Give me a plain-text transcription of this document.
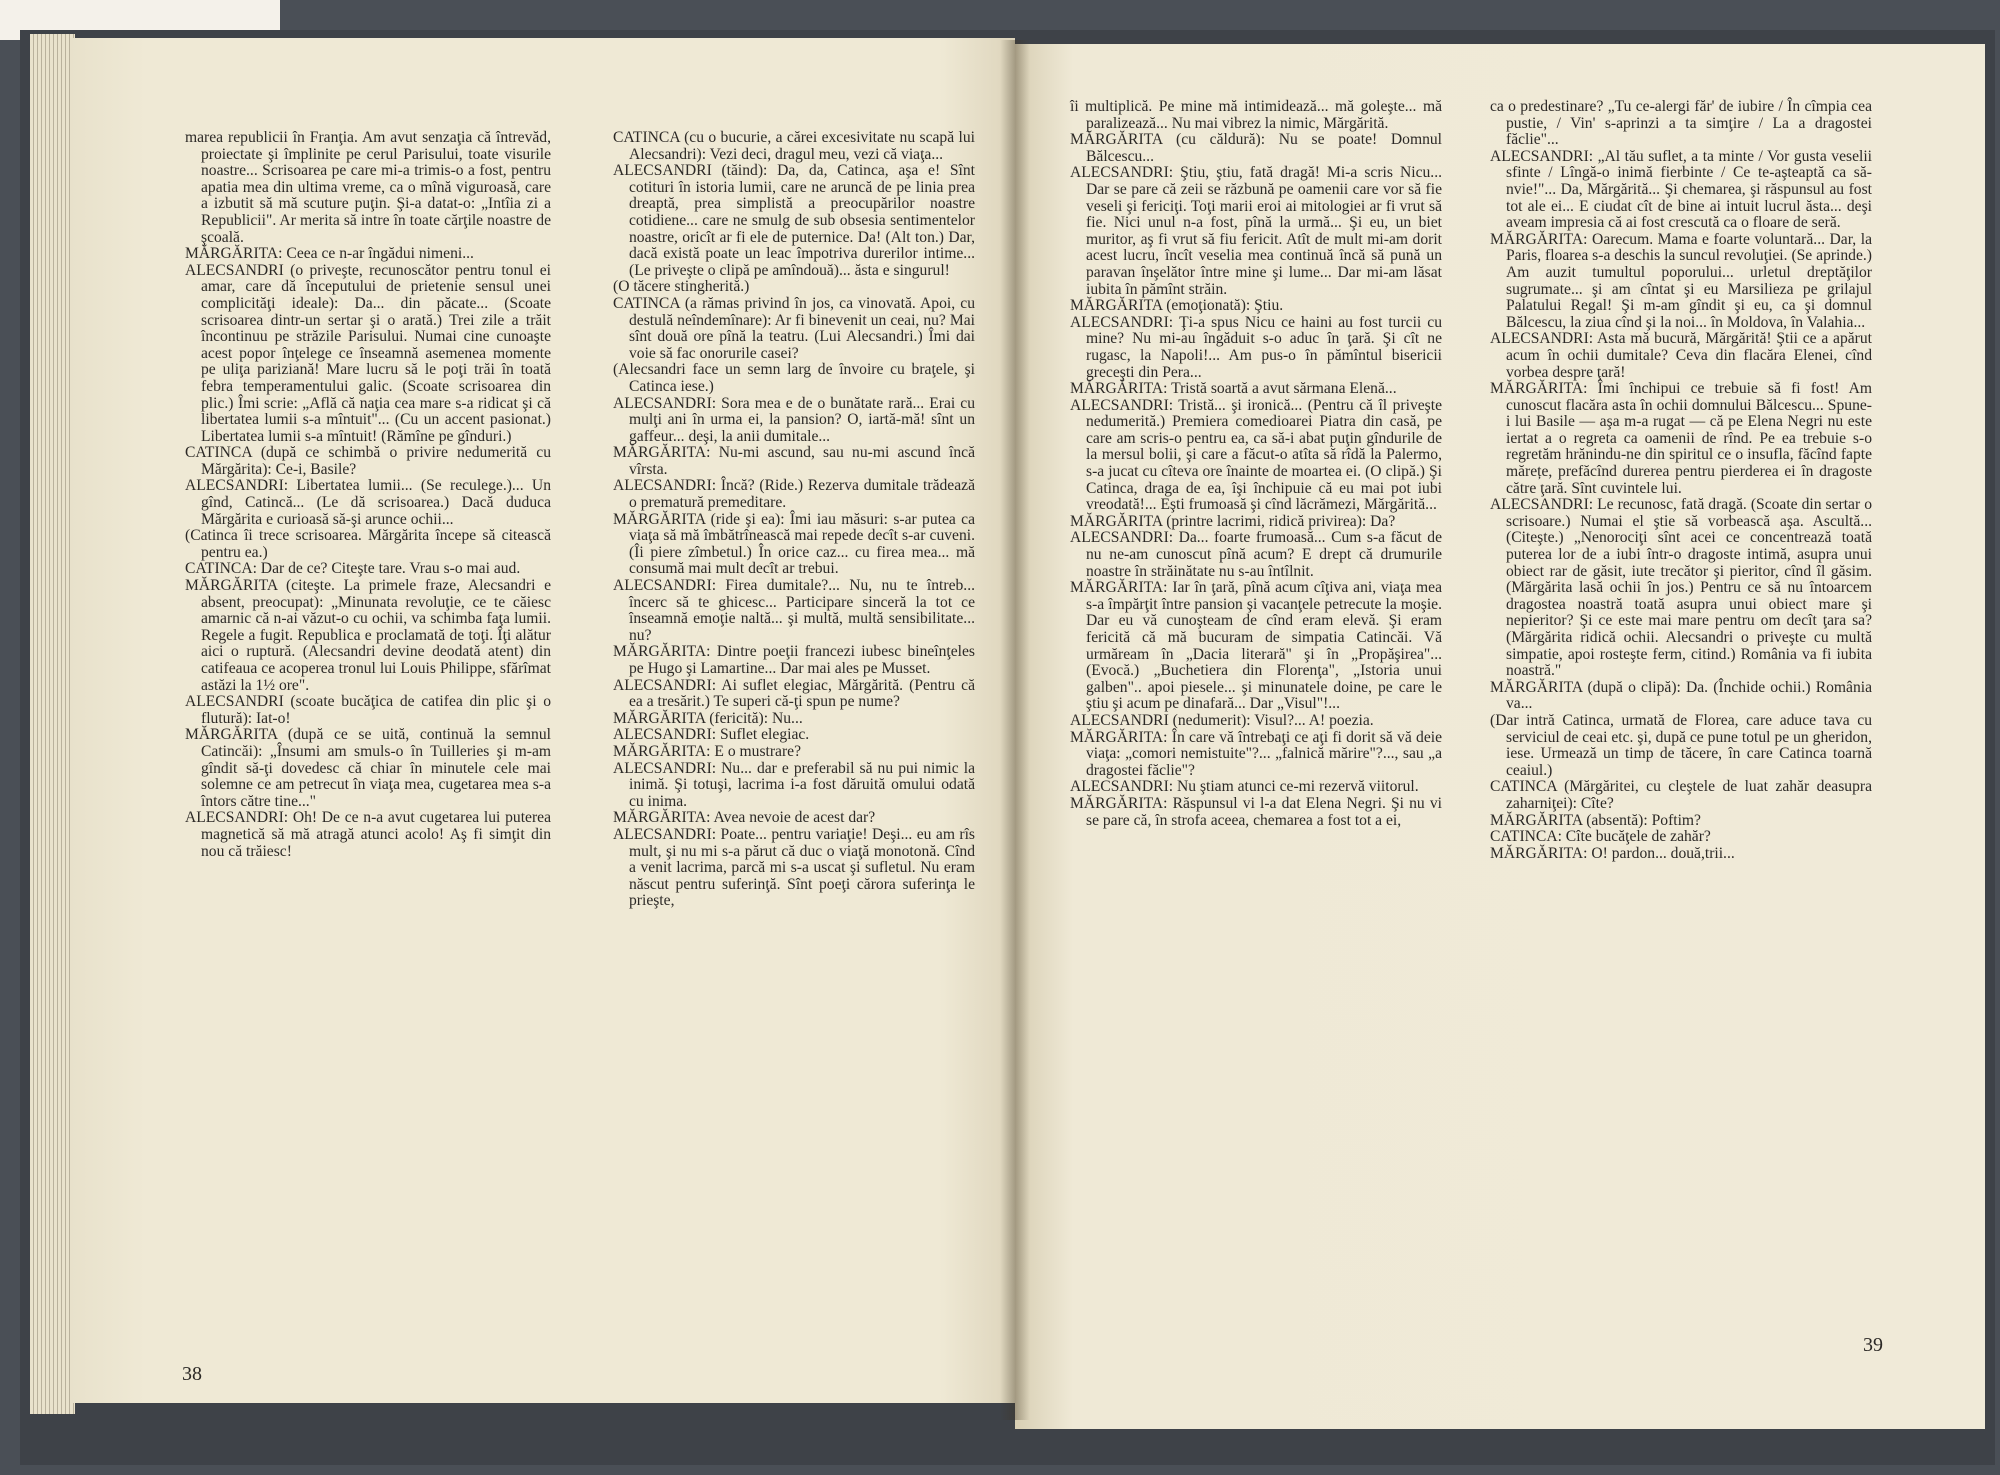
marea republicii în Franţia. Am avut senzaţia că întrevăd, proiectate şi împlinite pe cerul Parisului, toate visurile noastre... Scrisoarea pe care mi-a trimis-o a fost, pentru apatia mea din ultima vreme, ca o mînă viguroasă, care a izbutit să mă scuture puţin. Şi-a datat-o: „Intîia zi a Republicii". Ar merita să intre în toate cărţile noastre de şcoală.

MĂRGĂRITA: Ceea ce n-ar îngădui nimeni...

ALECSANDRI (o priveşte, recunoscător pentru tonul ei amar, care dă începutului de prietenie sensul unei complicităţi ideale): Da... din păcate... (Scoate scrisoarea dintr-un sertar şi o arată.) Trei zile a trăit încontinuu pe străzile Parisului. Numai cine cunoaşte acest popor înţelege ce înseamnă asemenea momente pe uliţa pariziană! Mare lucru să le poţi trăi în toată febra temperamentului galic. (Scoate scrisoarea din plic.) Îmi scrie: „Află că naţia cea mare s-a ridicat şi că libertatea lumii s-a mîntuit"... (Cu un accent pasionat.) Libertatea lumii s-a mîntuit! (Rămîne pe gînduri.)

CATINCA (după ce schimbă o privire nedumerită cu Mărgărita): Ce-i, Basile?

ALECSANDRI: Libertatea lumii... (Se reculege.)... Un gînd, Catincă... (Le dă scrisoarea.) Dacă duduca Mărgărita e curioasă să-şi arunce ochii...

(Catinca îi trece scrisoarea. Mărgărita începe să citească pentru ea.)

CATINCA: Dar de ce? Citeşte tare. Vrau s-o mai aud.

MĂRGĂRITA (citeşte. La primele fraze, Alecsandri e absent, preocupat): „Minunata revoluţie, ce te căiesc amarnic că n-ai văzut-o cu ochii, va schimba faţa lumii. Regele a fugit. Republica e proclamată de toţi. Îţi alătur aici o ruptură. (Alecsandri devine deodată atent) din catifeaua ce acoperea tronul lui Louis Philippe, sfărîmat astăzi la 1½ ore".

ALECSANDRI (scoate bucăţica de catifea din plic şi o flutură): Iat-o!

MĂRGĂRITA (după ce se uită, continuă la semnul Catincăi): „Însumi am smuls-o în Tuilleries şi m-am gîndit să-ţi dovedesc că chiar în minutele cele mai solemne ce am petrecut în viaţa mea, cugetarea mea s-a întors către tine..."

ALECSANDRI: Oh! De ce n-a avut cugetarea lui puterea magnetică să mă atragă atunci acolo! Aş fi simţit din nou că trăiesc!

CATINCA (cu o bucurie, a cărei excesivitate nu scapă lui Alecsandri): Vezi deci, dragul meu, vezi că viaţa...

ALECSANDRI (tăind): Da, da, Catinca, aşa e! Sînt cotituri în istoria lumii, care ne aruncă de pe linia prea dreaptă, prea simplistă a preocupărilor noastre cotidiene... care ne smulg de sub obsesia sentimentelor noastre, oricît ar fi ele de puternice. Da! (Alt ton.) Dar, dacă există poate un leac împotriva durerilor intime... (Le priveşte o clipă pe amîndouă)... ăsta e singurul!

(O tăcere stingherită.)

CATINCA (a rămas privind în jos, ca vinovată. Apoi, cu destulă neîndemînare): Ar fi binevenit un ceai, nu? Mai sînt două ore pînă la teatru. (Lui Alecsandri.) Îmi dai voie să fac onorurile casei?

(Alecsandri face un semn larg de învoire cu braţele, şi Catinca iese.)

ALECSANDRI: Sora mea e de o bunătate rară... Erai cu mulţi ani în urma ei, la pansion? O, iartă-mă! sînt un gaffeur... deşi, la anii dumitale...

MĂRGĂRITA: Nu-mi ascund, sau nu-mi ascund încă vîrsta.

ALECSANDRI: Încă? (Ride.) Rezerva dumitale trădează o prematură premeditare.

MĂRGĂRITA (ride şi ea): Îmi iau măsuri: s-ar putea ca viaţa să mă îmbătrînească mai repede decît s-ar cuveni. (Îi piere zîmbetul.) În orice caz... cu firea mea... mă consumă mai mult decît ar trebui.

ALECSANDRI: Firea dumitale?... Nu, nu te întreb... încerc să te ghicesc... Participare sinceră la tot ce înseamnă emoţie naltă... şi multă, multă sensibilitate... nu?

MĂRGĂRITA: Dintre poeţii francezi iubesc bineînţeles pe Hugo şi Lamartine... Dar mai ales pe Musset.

ALECSANDRI: Ai suflet elegiac, Mărgărită. (Pentru că ea a tresărit.) Te superi că-ţi spun pe nume?

MĂRGĂRITA (fericită): Nu...

ALECSANDRI: Suflet elegiac.

MĂRGĂRITA: E o mustrare?

ALECSANDRI: Nu... dar e preferabil să nu pui nimic la inimă. Şi totuşi, lacrima i-a fost dăruită omului odată cu inima.

MĂRGĂRITA: Avea nevoie de acest dar?

ALECSANDRI: Poate... pentru variaţie! Deşi... eu am rîs mult, şi nu mi s-a părut că duc o viaţă monotonă. Cînd a venit lacrima, parcă mi s-a uscat şi sufletul. Nu eram născut pentru suferinţă. Sînt poeţi cărora suferinţa le prieşte,

38

îi multiplică. Pe mine mă intimidează... mă goleşte... mă paralizează... Nu mai vibrez la nimic, Mărgărită.

MĂRGĂRITA (cu căldură): Nu se poate! Domnul Bălcescu...

ALECSANDRI: Ştiu, ştiu, fată dragă! Mi-a scris Nicu... Dar se pare că zeii se răzbună pe oamenii care vor să fie veseli şi fericiţi. Toţi marii eroi ai mitologiei ar fi vrut să fie. Nici unul n-a fost, pînă la urmă... Şi eu, un biet muritor, aş fi vrut să fiu fericit. Atît de mult mi-am dorit acest lucru, încît veselia mea continuă încă să pună un paravan înşelător între mine şi lume... Dar mi-am lăsat iubita în pămînt străin.

MĂRGĂRITA (emoţionată): Ştiu.

ALECSANDRI: Ţi-a spus Nicu ce haini au fost turcii cu mine? Nu mi-au îngăduit s-o aduc în ţară. Şi cît ne rugasc, la Napoli!... Am pus-o în pămîntul bisericii greceşti din Pera...

MĂRGĂRITA: Tristă soartă a avut sărmana Elenă...

ALECSANDRI: Tristă... şi ironică... (Pentru că îl priveşte nedumerită.) Premiera comedioarei Piatra din casă, pe care am scris-o pentru ea, ca să-i abat puţin gîndurile de la mersul bolii, şi care a făcut-o atîta să rîdă la Palermo, s-a jucat cu cîteva ore înainte de moartea ei. (O clipă.) Şi Catinca, draga de ea, îşi închipuie că eu mai pot iubi vreodată!... Eşti frumoasă şi cînd lăcrămezi, Mărgărită...

MĂRGĂRITA (printre lacrimi, ridică privirea): Da?

ALECSANDRI: Da... foarte frumoasă... Cum s-a făcut de nu ne-am cunoscut pînă acum? E drept că drumurile noastre în străinătate nu s-au întîlnit.

MĂRGĂRITA: Iar în ţară, pînă acum cîţiva ani, viaţa mea s-a împărţit între pansion şi vacanţele petrecute la moşie. Dar eu vă cunoşteam de cînd eram elevă. Şi eram fericită că mă bucuram de simpatia Catincăi. Vă urmăream în „Dacia literară" şi în „Propăşirea"... (Evocă.) „Buchetiera din Florenţa", „Istoria unui galben".. apoi piesele... şi minunatele doine, pe care le ştiu şi acum pe dinafară... Dar „Visul"!...

ALECSANDRI (nedumerit): Visul?... A! poezia.

MĂRGĂRITA: În care vă întrebaţi ce aţi fi dorit să vă deie viaţa: „comori nemistuite"?... „falnică mărire"?..., sau „a dragostei făclie"?

ALECSANDRI: Nu ştiam atunci ce-mi rezervă viitorul.

MĂRGĂRITA: Răspunsul vi l-a dat Elena Negri. Şi nu vi se pare că, în strofa aceea, chemarea a fost tot a ei,

ca o predestinare? „Tu ce-alergi făr' de iubire / În cîmpia cea pustie, / Vin' s-aprinzi a ta simţire / La a dragostei făclie"...

ALECSANDRI: „Al tău suflet, a ta minte / Vor gusta veselii sfinte / Lîngă-o inimă fierbinte / Ce te-aşteaptă ca să-nvie!"... Da, Mărgărită... Şi chemarea, şi răspunsul au fost tot ale ei... E ciudat cît de bine ai intuit lucrul ăsta... deşi aveam impresia că ai fost crescută ca o floare de seră.

MĂRGĂRITA: Oarecum. Mama e foarte voluntară... Dar, la Paris, floarea s-a deschis la suncul revoluţiei. (Se aprinde.) Am auzit tumultul poporului... urletul dreptăţilor sugrumate... şi am cîntat şi eu Marsilieza pe grilajul Palatului Regal! Şi m-am gîndit şi eu, ca şi domnul Bălcescu, la ziua cînd şi la noi... în Moldova, în Valahia...

ALECSANDRI: Asta mă bucură, Mărgărită! Ştii ce a apărut acum în ochii dumitale? Ceva din flacăra Elenei, cînd vorbea despre ţară!

MĂRGĂRITA: Îmi închipui ce trebuie să fi fost! Am cunoscut flacăra asta în ochii domnului Bălcescu... Spune-i lui Basile — aşa m-a rugat — că pe Elena Negri nu este iertat a o regreta ca oamenii de rînd. Pe ea trebuie s-o regretăm hrănindu-ne din spiritul ce o insufla, făcînd fapte mărețe, prefăcînd durerea pentru pierderea ei în dragoste către ţară. Sînt cuvintele lui.

ALECSANDRI: Le recunosc, fată dragă. (Scoate din sertar o scrisoare.) Numai el ştie să vorbească aşa. Ascultă... (Citeşte.) „Nenorociţi sînt acei ce concentrează toată puterea lor de a iubi într-o dragoste intimă, asupra unui obiect rar de găsit, iute trecător şi pieritor, cînd îl găsim. (Mărgărita lasă ochii în jos.) Pentru ce să nu întoarcem dragostea noastră toată asupra unui obiect mare şi nepieritor? Şi ce este mai mare pentru om decît ţara sa? (Mărgărita ridică ochii. Alecsandri o priveşte cu multă simpatie, apoi rosteşte ferm, citind.) România va fi iubita noastră."

MĂRGĂRITA (după o clipă): Da. (Închide ochii.) România va...

(Dar intră Catinca, urmată de Florea, care aduce tava cu serviciul de ceai etc. şi, după ce pune totul pe un gheridon, iese. Urmează un timp de tăcere, în care Catinca toarnă ceaiul.)

CATINCA (Mărgăritei, cu cleştele de luat zahăr deasupra zaharniţei): Cîte?

MĂRGĂRITA (absentă): Poftim?

CATINCA: Cîte bucăţele de zahăr?

MĂRGĂRITA: O! pardon... două,trii...

39
